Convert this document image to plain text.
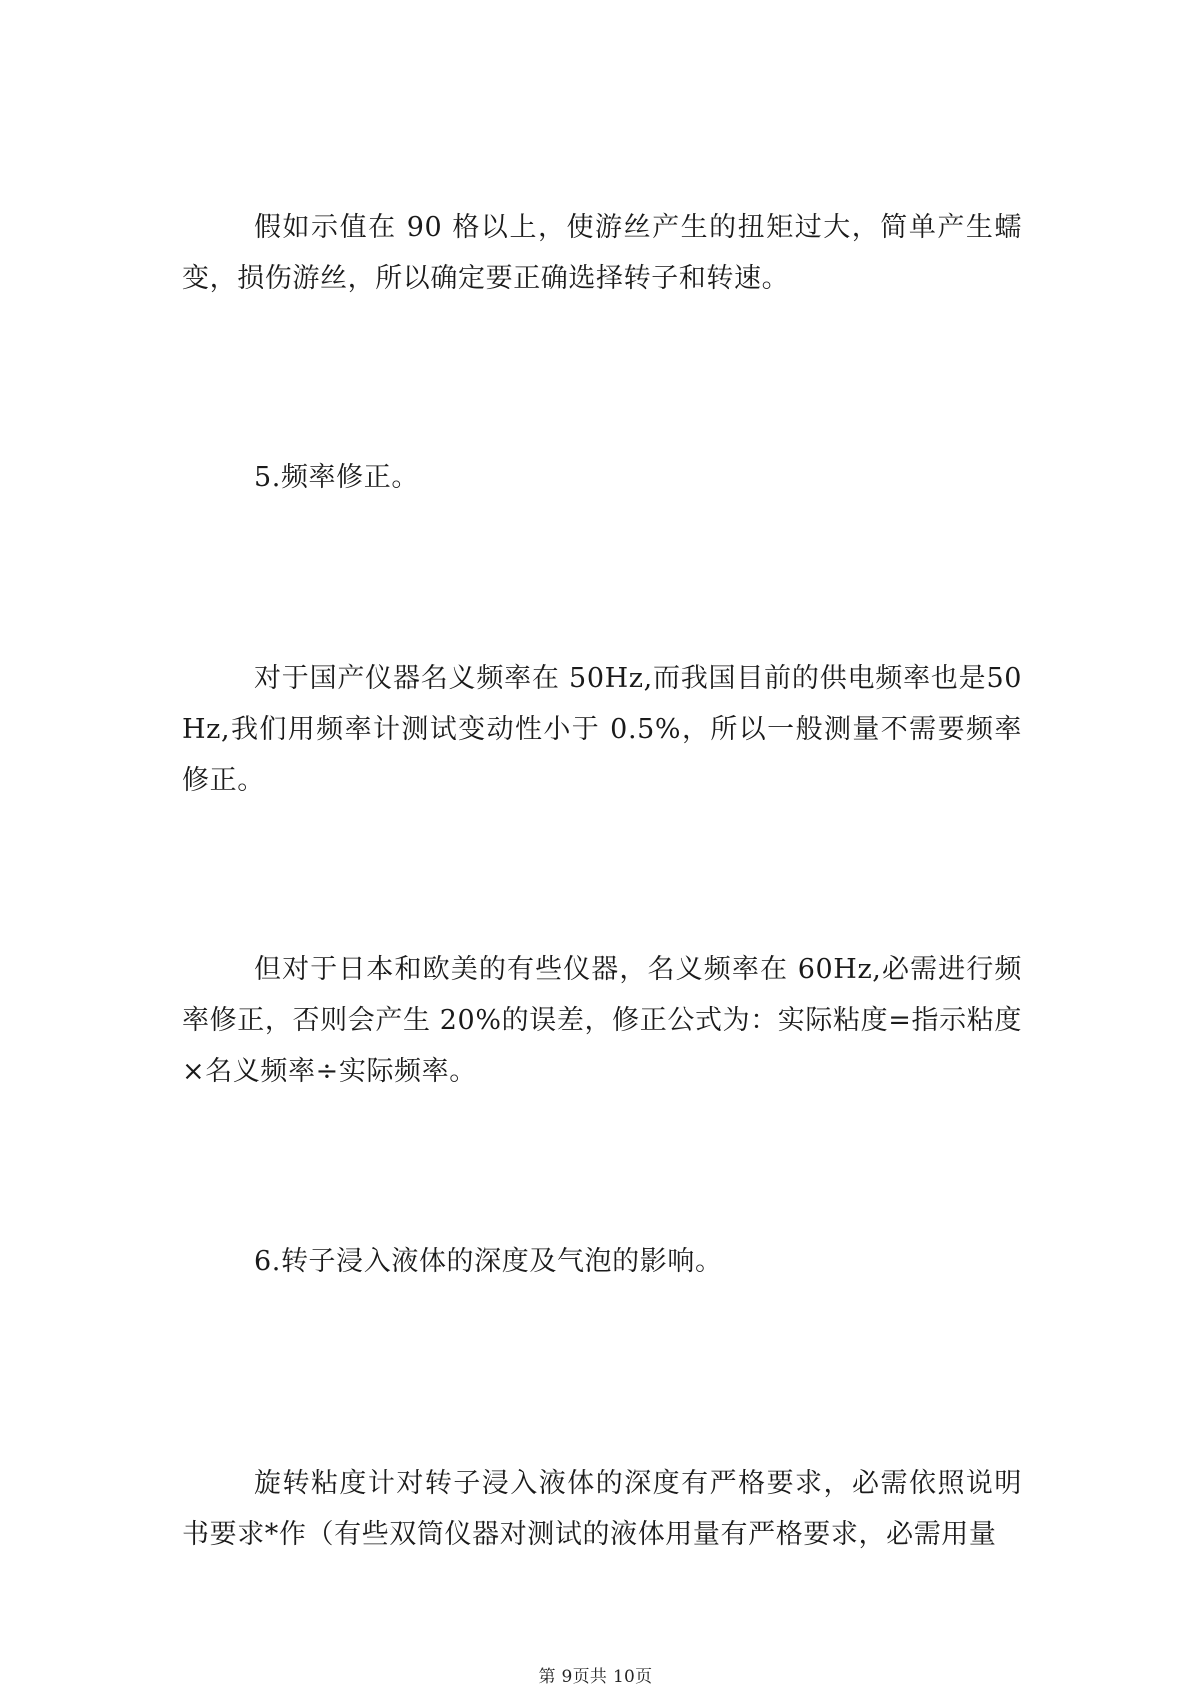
假如示值在 90 格以上，使游丝产生的扭矩过大，简单产生蠕变，损伤游丝，所以确定要正确选择转子和转速。

5.频率修正。

对于国产仪器名义频率在 50Hz,而我国目前的供电频率也是50Hz,我们用频率计测试变动性小于 0.5%，所以一般测量不需要频率修正。

但对于日本和欧美的有些仪器，名义频率在 60Hz,必需进行频率修正，否则会产生 20%的误差，修正公式为：实际粘度=指示粘度×名义频率÷实际频率。

6.转子浸入液体的深度及气泡的影响。

旋转粘度计对转子浸入液体的深度有严格要求，必需依照说明书要求*作（有些双筒仪器对测试的液体用量有严格要求，必需用量

第 9页共 10页
